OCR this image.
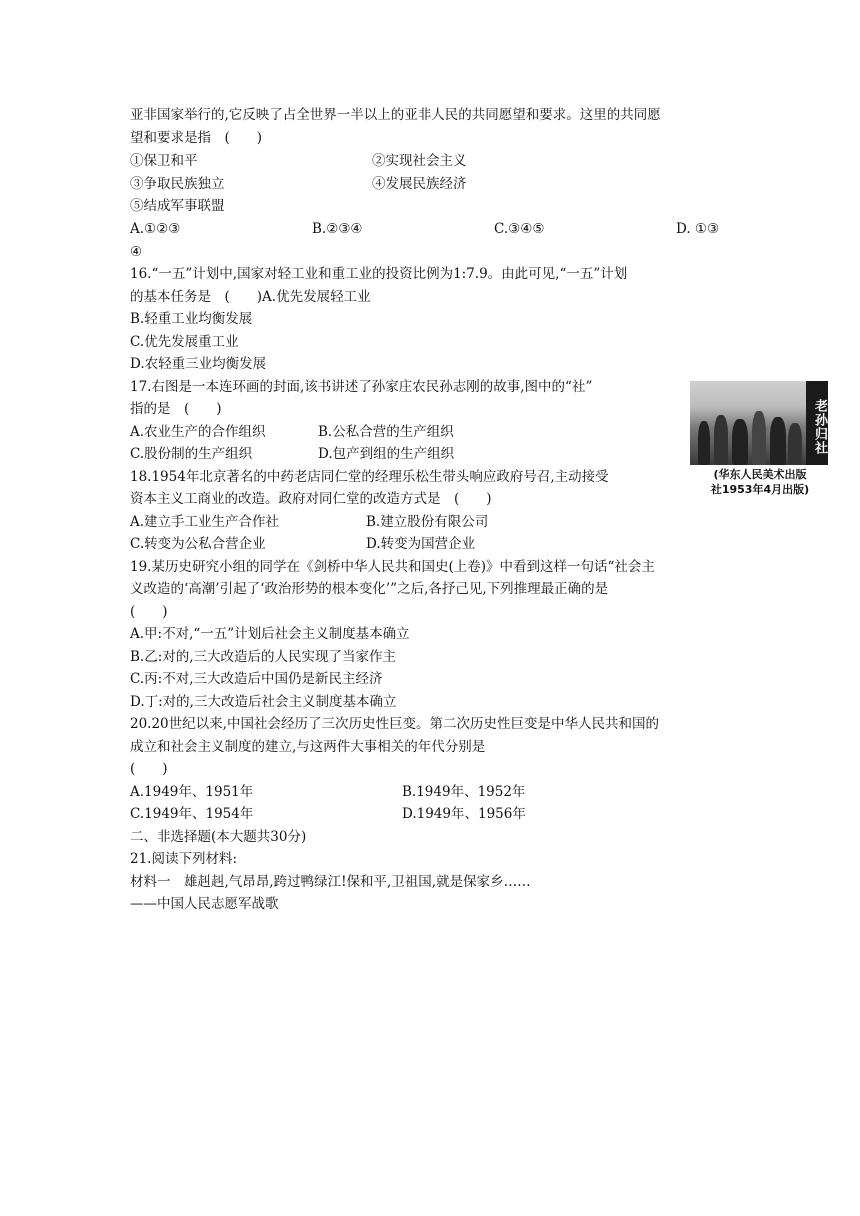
亚非国家举行的,它反映了占全世界一半以上的亚非人民的共同愿望和要求。这里的共同愿
望和要求是指　(　　)
①保卫和平	②实现社会主义
③争取民族独立	④发展民族经济
⑤结成军事联盟
A.①②③	B.②③④	C.③④⑤	D. ①③
④
16.“一五”计划中,国家对轻工业和重工业的投资比例为1:7.9。由此可见,“一五”计划
的基本任务是　(　　)A.优先发展轻工业
B.轻重工业均衡发展
C.优先发展重工业
D.农轻重三业均衡发展
17.右图是一本连环画的封面,该书讲述了孙家庄农民孙志刚的故事,图中的“社”
指的是　(　　)
A.农业生产的合作组织	B.公私合营的生产组织
C.股份制的生产组织	D.包产到组的生产组织	老孙归社
(华东人民美术出版
社1953年4月出版)
18.1954年北京著名的中药老店同仁堂的经理乐松生带头响应政府号召,主动接受
资本主义工商业的改造。政府对同仁堂的改造方式是　(　　)
A.建立手工业生产合作社	B.建立股份有限公司
C.转变为公私合营企业	D.转变为国营企业
19.某历史研究小组的同学在《剑桥中华人民共和国史(上卷)》中看到这样一句话“社会主
义改造的‘高潮’引起了‘政治形势的根本变化’”之后,各抒己见,下列推理最正确的是
(　　)
A.甲:不对,“一五”计划后社会主义制度基本确立
B.乙:对的,三大改造后的人民实现了当家作主
C.丙:不对,三大改造后中国仍是新民主经济
D.丁:对的,三大改造后社会主义制度基本确立
20.20世纪以来,中国社会经历了三次历史性巨变。第二次历史性巨变是中华人民共和国的
成立和社会主义制度的建立,与这两件大事相关的年代分别是
(　　)
A.1949年、1951年	B.1949年、1952年
C.1949年、1954年	D.1949年、1956年
二、非选择题(本大题共30分)
21.阅读下列材料:
材料一　雄赳赳,气昂昂,跨过鸭绿江!保和平,卫祖国,就是保家乡……
——中国人民志愿军战歌
